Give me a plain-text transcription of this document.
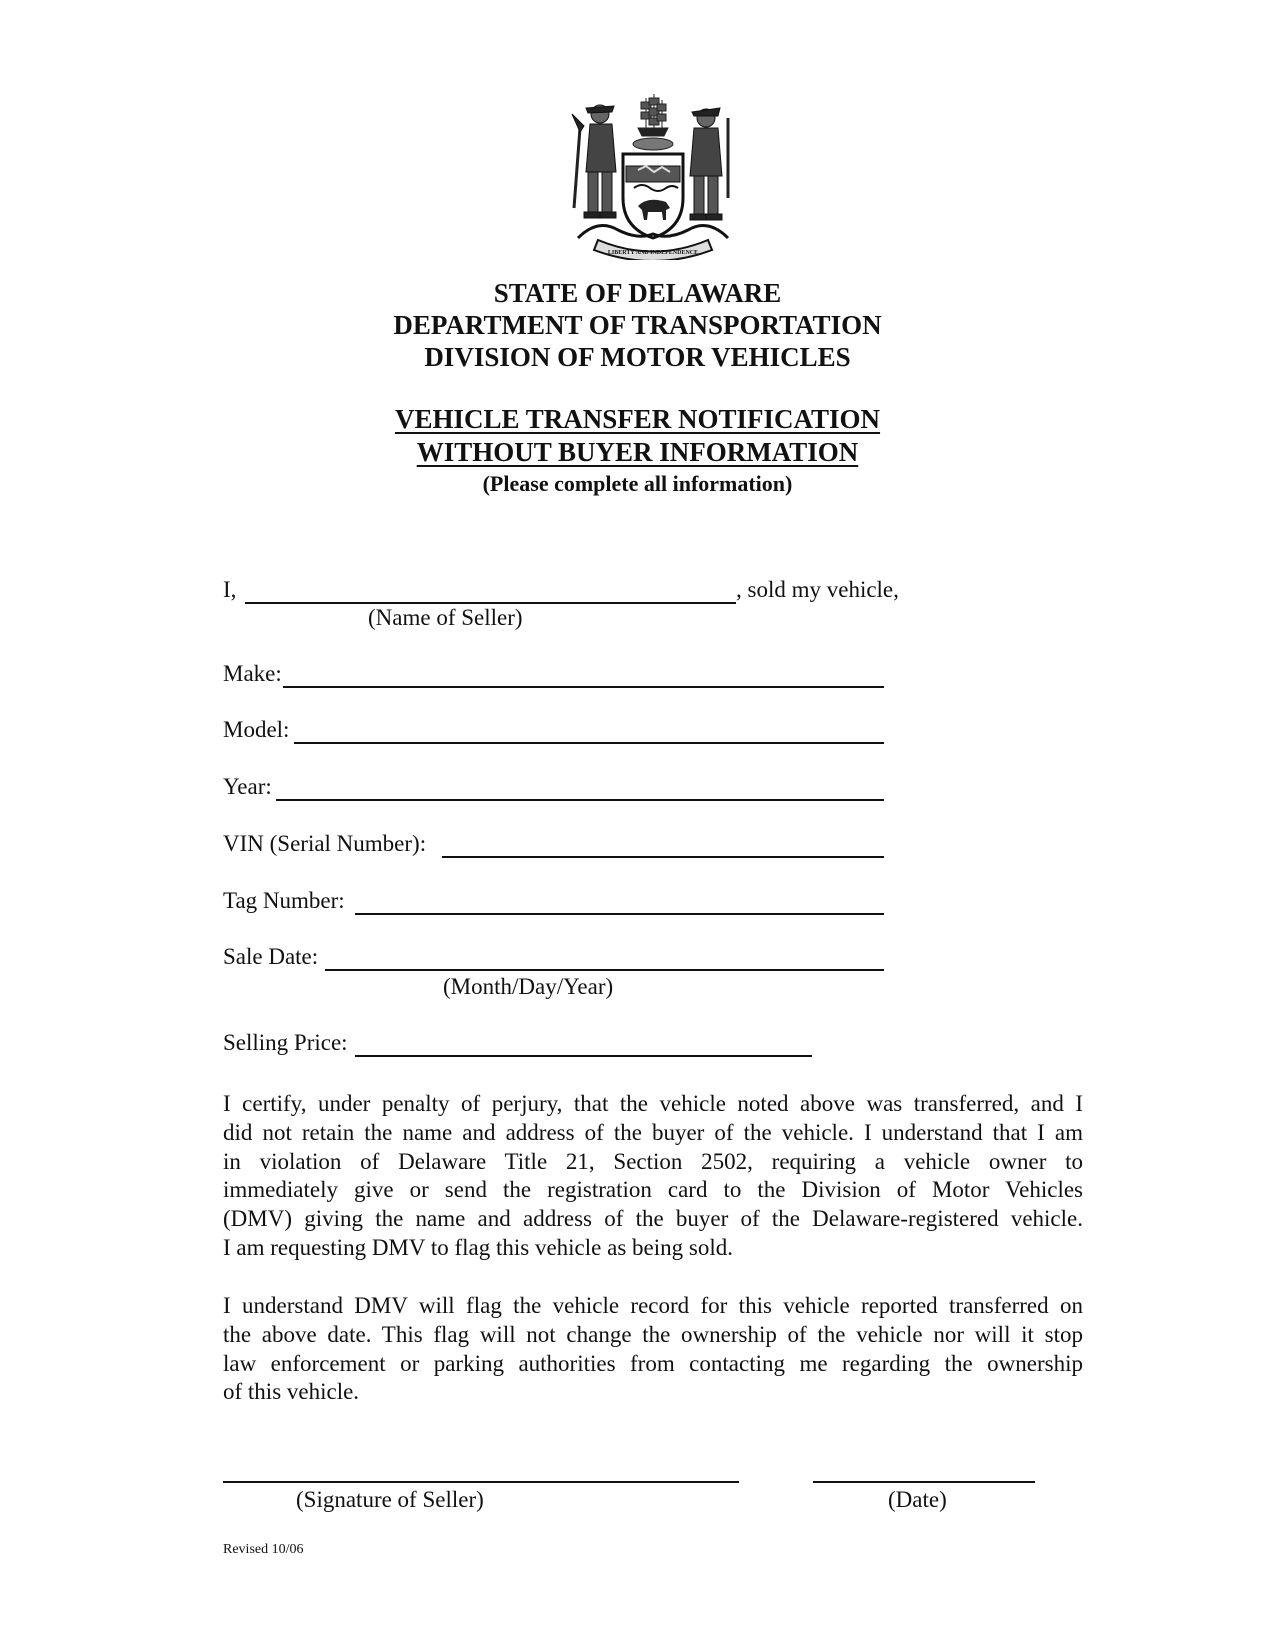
LIBERTY AND INDEPENDENCE
STATE OF DELAWARE
DEPARTMENT OF TRANSPORTATION
DIVISION OF MOTOR VEHICLES
VEHICLE TRANSFER NOTIFICATION
WITHOUT BUYER INFORMATION
(Please complete all information)
I,	, sold my vehicle,
(Name of Seller)
Make:
Model:
Year:
VIN (Serial Number):
Tag Number:
Sale Date:
(Month/Day/Year)
Selling Price:
I certify, under penalty of perjury, that the vehicle noted above was transferred, and I
did not retain the name and address of the buyer of the vehicle. I understand that I am
in violation of Delaware Title 21, Section 2502, requiring a vehicle owner to
immediately give or send the registration card to the Division of Motor Vehicles
(DMV) giving the name and address of the buyer of the Delaware-registered vehicle.
I am requesting DMV to flag this vehicle as being sold.
I understand DMV will flag the vehicle record for this vehicle reported transferred on
the above date. This flag will not change the ownership of the vehicle nor will it stop
law enforcement or parking authorities from contacting me regarding the ownership
of this vehicle.
(Signature of Seller)	(Date)
Revised 10/06
